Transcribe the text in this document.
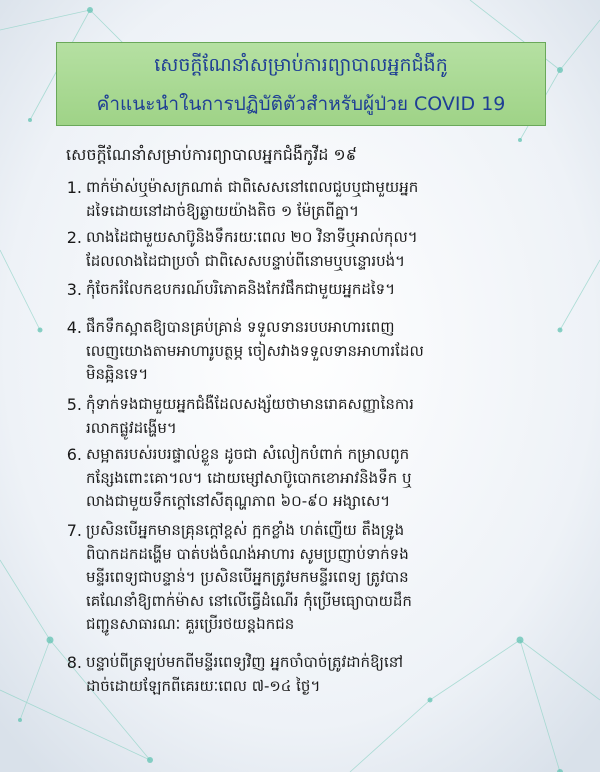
សេចក្ដីណែនាំសម្រាប់ការព្យាបាលអ្នកជំងឺកូ
คำแนะนำในการปฏิบัติตัวสำหรับผู้ป่วย COVID 19
សេចក្ដីណែនាំសម្រាប់ការព្យាបាលអ្នកជំងឺកូវីដ ១៩
1. ពាក់ម៉ាស់ឬម៉ាសក្រណាត់ ជាពិសេសនៅពេលជួបឬជាមួយអ្នក
ដទៃដោយនៅដាច់ឱ្យឆ្ងាយយ៉ាងតិច ១ ម៉ែត្រពីគ្នា។
2. លាងដៃជាមួយសាប៊ូនិងទឹករយៈពេល ២០ វិនាទីឬអាល់កុល។
ដែលលាងដៃជាប្រចាំ ជាពិសេសបន្ទាប់ពីនោមឬបន្ទោរបង់។
3. កុំចែករំលែកឧបករណ៍បរិភោគនិងកែវផឹកជាមួយអ្នកដទៃ។
4. ផឹកទឹកស្អាតឱ្យបានគ្រប់គ្រាន់ ទទួលទានរបបអាហារពេញ
លេញយោងតាមអាហារូបត្ថម្ភ ចៀសវាងទទួលទានអាហារដែល
មិនឆ្អិនទេ។
5. កុំទាក់ទងជាមួយអ្នកជំងឺដែលសង្ស័យថាមានរោគសញ្ញានៃការ
រលាកផ្លូវដង្ហើម។
6. សម្អាតរបស់របរផ្ទាល់ខ្លួន ដូចជា សំលៀកបំពាក់ កម្រាលពូក
កន្សែងពោះគោ។ល។ ដោយម្សៅសាប៊ូបោកខោអាវនិងទឹក ឬ
លាងជាមួយទឹកក្ដៅនៅសីតុណ្ហភាព ៦០-៩០ អង្សាសេ។
7. ប្រសិនបើអ្នកមានគ្រុនក្ដៅខ្ពស់ ក្អកខ្លាំង ហត់ញើយ តឹងទ្រូង
ពិបាកដកដង្ហើម បាត់បង់ចំណង់អាហារ សូមប្រញាប់ទាក់ទង
មន្ទីរពេទ្យជាបន្ទាន់។ ប្រសិនបើអ្នកត្រូវមកមន្ទីរពេទ្យ ត្រូវបាន
គេណែនាំឱ្យពាក់ម៉ាស នៅលើធ្វើដំណើរ កុំប្រើមធ្យោបាយដឹក
ជញ្ជូនសាធារណៈ គួរប្រើរថយន្តឯកជន
8. បន្ទាប់ពីត្រឡប់មកពីមន្ទីរពេទ្យវិញ អ្នកចាំបាច់ត្រូវដាក់ឱ្យនៅ
ដាច់ដោយឡែកពីគេរយៈពេល ៧-១៤ ថ្ងៃ។
